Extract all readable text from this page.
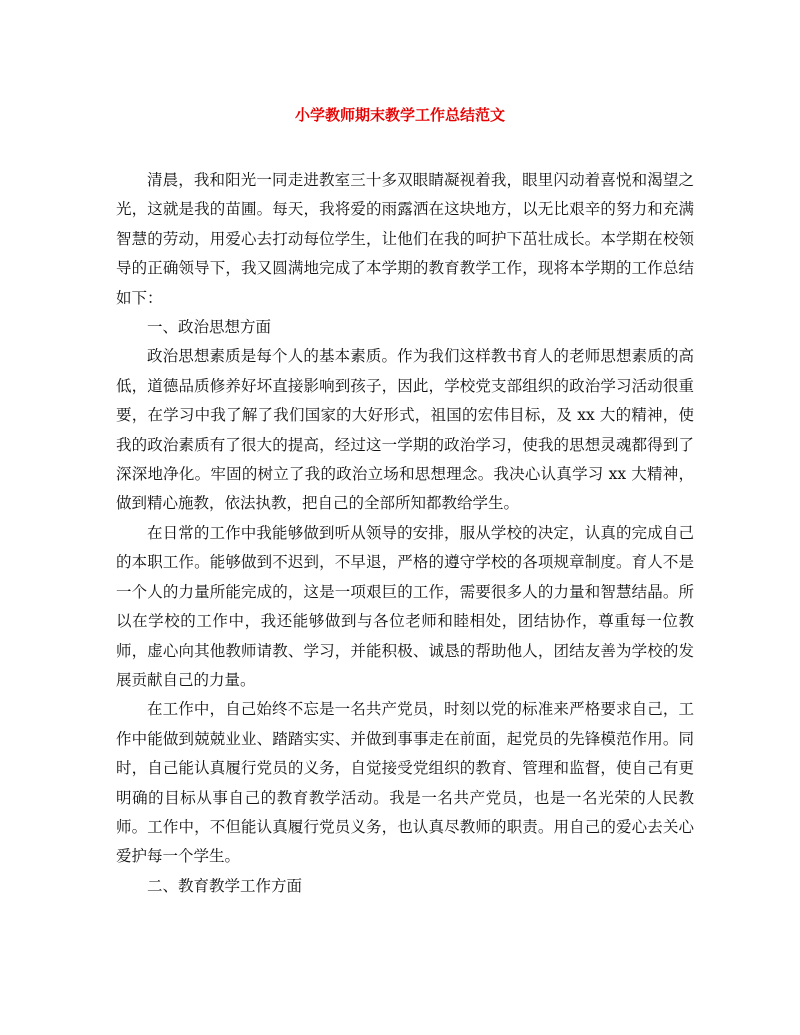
小学教师期末教学工作总结范文

清晨，我和阳光一同走进教室三十多双眼睛凝视着我，眼里闪动着喜悦和渴望之光，这就是我的苗圃。每天，我将爱的雨露洒在这块地方，以无比艰辛的努力和充满智慧的劳动，用爱心去打动每位学生，让他们在我的呵护下茁壮成长。本学期在校领导的正确领导下，我又圆满地完成了本学期的教育教学工作，现将本学期的工作总结如下：

一、政治思想方面

政治思想素质是每个人的基本素质。作为我们这样教书育人的老师思想素质的高低，道德品质修养好坏直接影响到孩子，因此，学校党支部组织的政治学习活动很重要，在学习中我了解了我们国家的大好形式，祖国的宏伟目标，及 xx 大的精神，使我的政治素质有了很大的提高，经过这一学期的政治学习，使我的思想灵魂都得到了深深地净化。牢固的树立了我的政治立场和思想理念。我决心认真学习 xx 大精神，做到精心施教，依法执教，把自己的全部所知都教给学生。

在日常的工作中我能够做到听从领导的安排，服从学校的决定，认真的完成自己的本职工作。能够做到不迟到，不早退，严格的遵守学校的各项规章制度。育人不是一个人的力量所能完成的，这是一项艰巨的工作，需要很多人的力量和智慧结晶。所以在学校的工作中，我还能够做到与各位老师和睦相处，团结协作，尊重每一位教师，虚心向其他教师请教、学习，并能积极、诚恳的帮助他人，团结友善为学校的发展贡献自己的力量。

在工作中，自己始终不忘是一名共产党员，时刻以党的标准来严格要求自己，工作中能做到兢兢业业、踏踏实实、并做到事事走在前面，起党员的先锋模范作用。同时，自己能认真履行党员的义务，自觉接受党组织的教育、管理和监督，使自己有更明确的目标从事自己的教育教学活动。我是一名共产党员，也是一名光荣的人民教师。工作中，不但能认真履行党员义务，也认真尽教师的职责。用自己的爱心去关心爱护每一个学生。

二、教育教学工作方面
